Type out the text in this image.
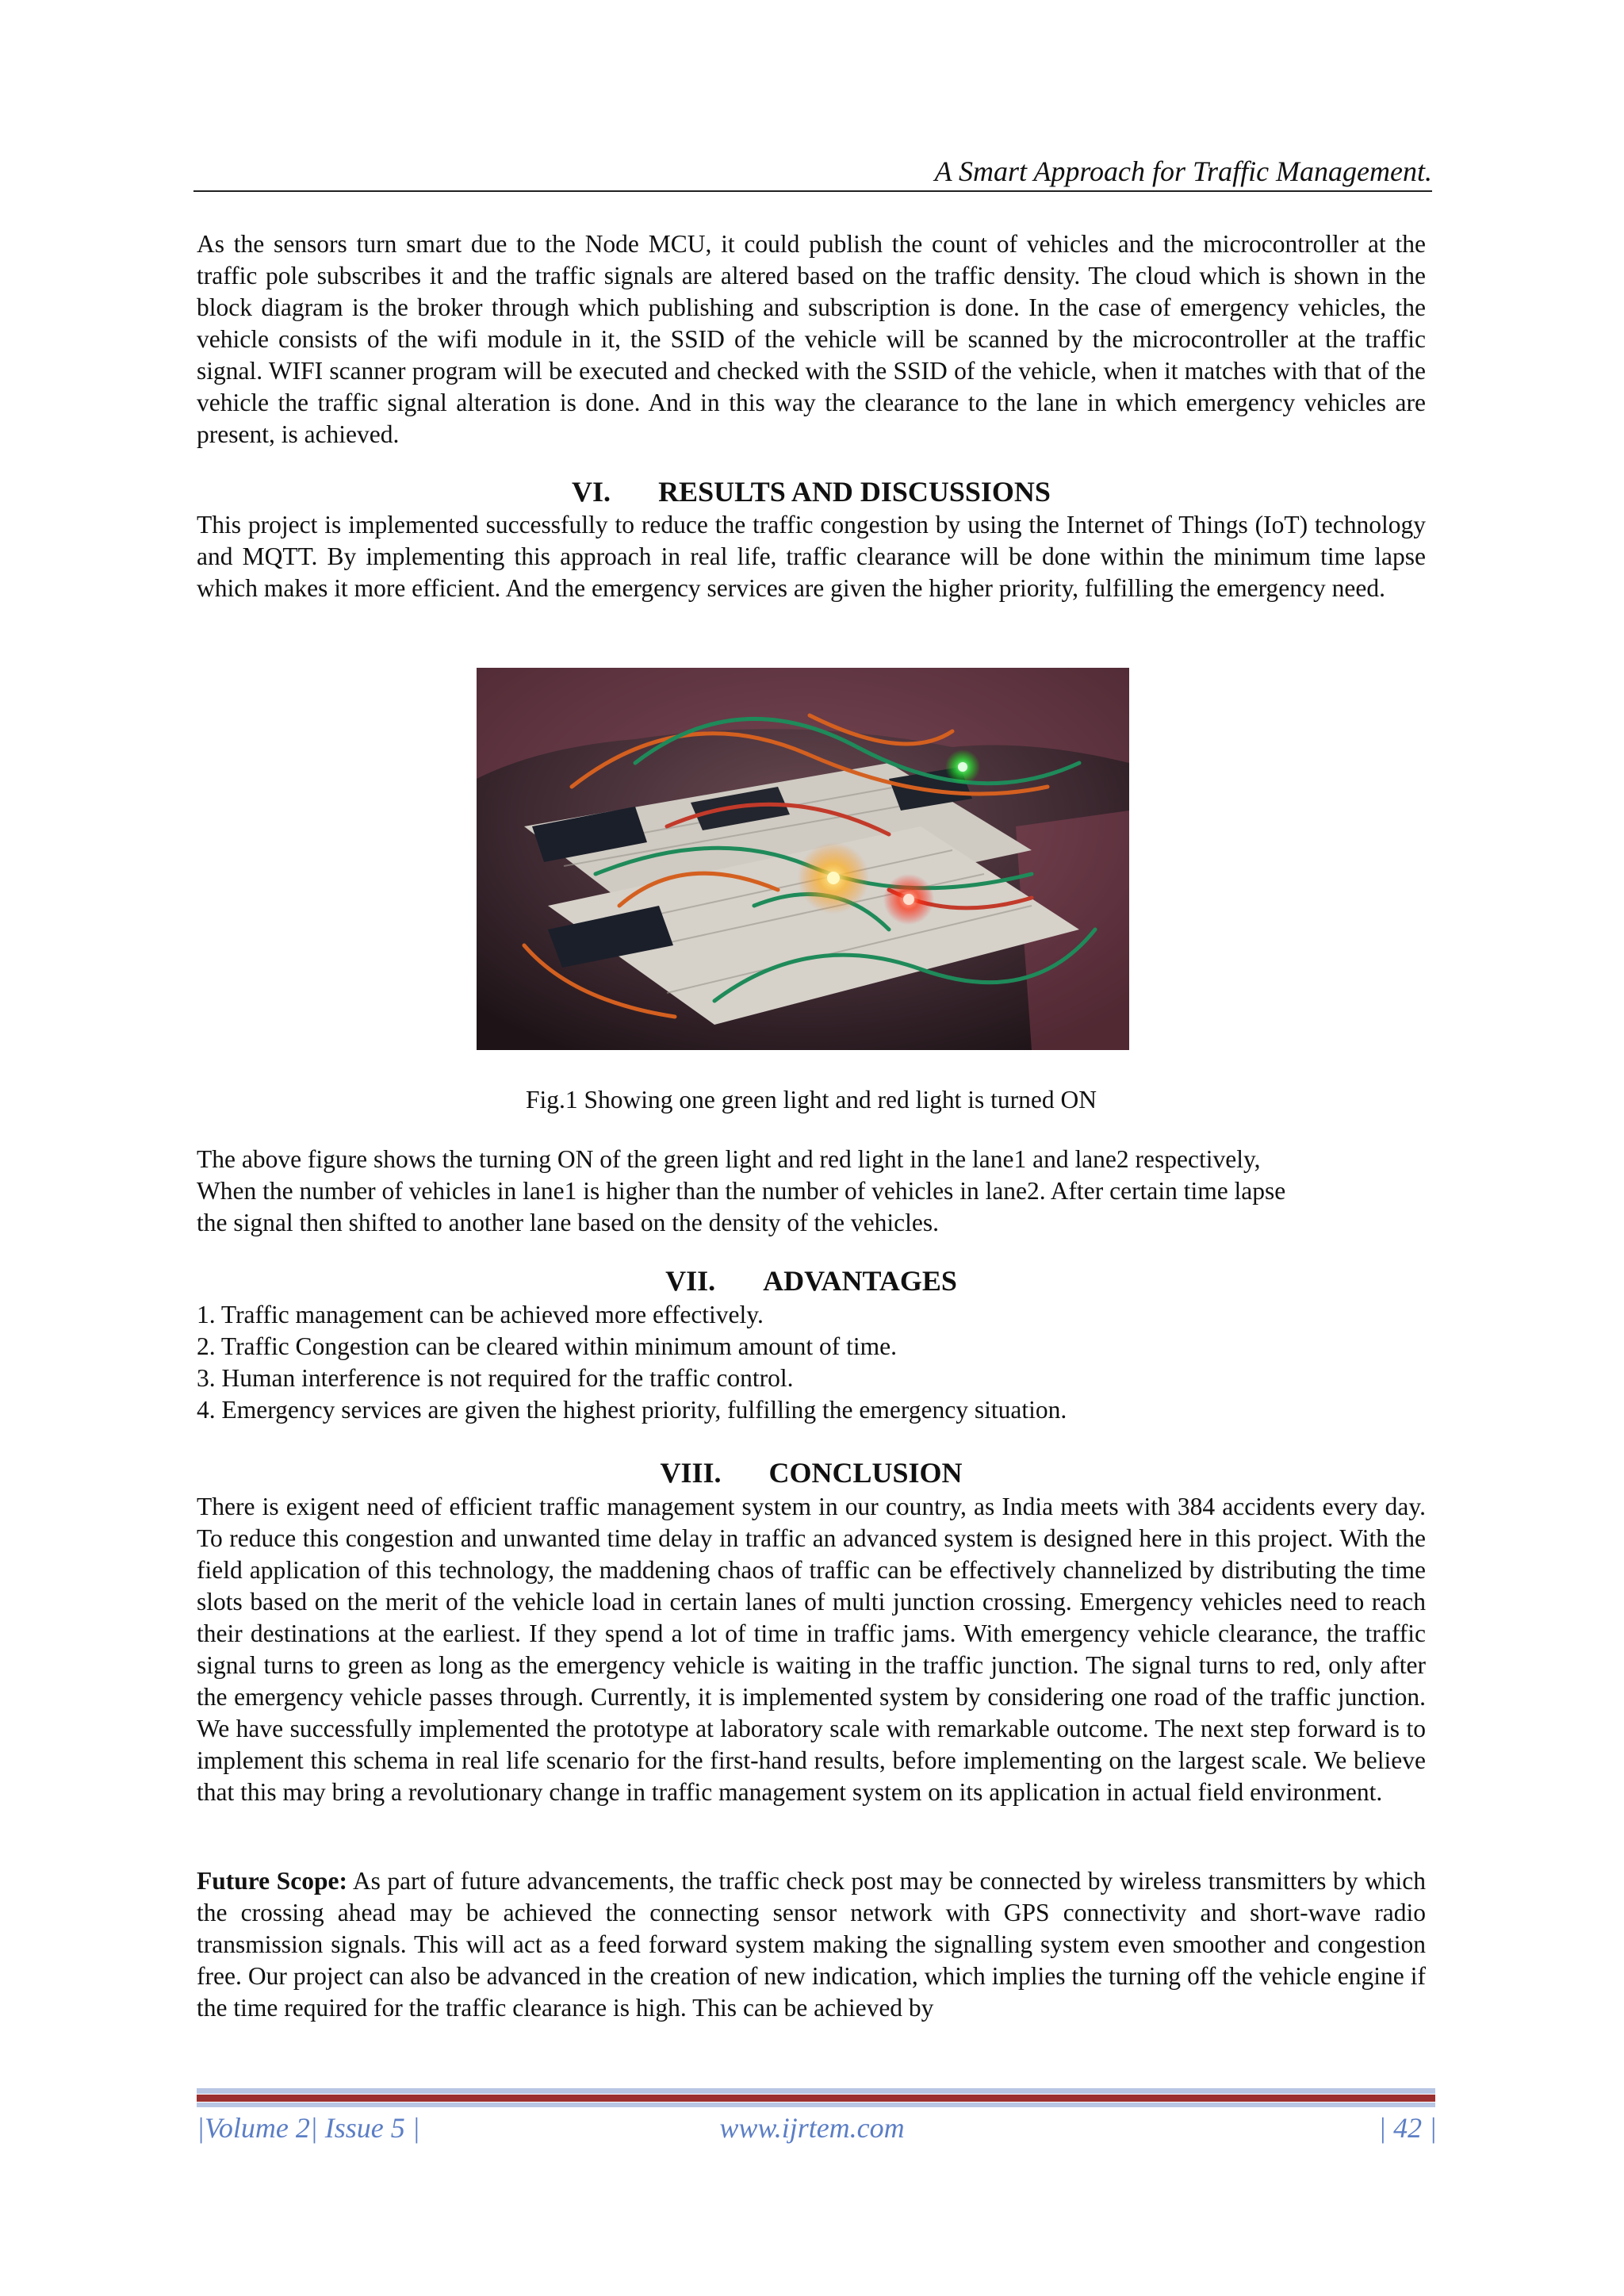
A Smart Approach for Traffic Management.

As the sensors turn smart due to the Node MCU, it could publish the count of vehicles and the microcontroller at the traffic pole subscribes it and the traffic signals are altered based on the traffic density. The cloud which is shown in the block diagram is the broker through which publishing and subscription is done. In the case of emergency vehicles, the vehicle consists of the wifi module in it, the SSID of the vehicle will be scanned by the microcontroller at the traffic signal. WIFI scanner program will be executed and checked with the SSID of the vehicle, when it matches with that of the vehicle the traffic signal alteration is done. And in this way the clearance to the lane in which emergency vehicles are present, is achieved.

VI. RESULTS AND DISCUSSIONS

This project is implemented successfully to reduce the traffic congestion by using the Internet of Things (IoT) technology and MQTT. By implementing this approach in real life, traffic clearance will be done within the minimum time lapse which makes it more efficient. And the emergency services are given the higher priority, fulfilling the emergency need.

Fig.1 Showing one green light and red light is turned ON
The above figure shows the turning ON of the green light and red light in the lane1 and lane2 respectively,
When the number of vehicles in lane1 is higher than the number of vehicles in lane2. After certain time lapse
the signal then shifted to another lane based on the density of the vehicles.
VII. ADVANTAGES
1. Traffic management can be achieved more effectively.
2. Traffic Congestion can be cleared within minimum amount of time.
3. Human interference is not required for the traffic control.
4. Emergency services are given the highest priority, fulfilling the emergency situation.
VIII. CONCLUSION

There is exigent need of efficient traffic management system in our country, as India meets with 384 accidents every day. To reduce this congestion and unwanted time delay in traffic an advanced system is designed here in this project. With the field application of this technology, the maddening chaos of traffic can be effectively channelized by distributing the time slots based on the merit of the vehicle load in certain lanes of multi junction crossing. Emergency vehicles need to reach their destinations at the earliest. If they spend a lot of time in traffic jams. With emergency vehicle clearance, the traffic signal turns to green as long as the emergency vehicle is waiting in the traffic junction. The signal turns to red, only after the emergency vehicle passes through. Currently, it is implemented system by considering one road of the traffic junction. We have successfully implemented the prototype at laboratory scale with remarkable outcome. The next step forward is to implement this schema in real life scenario for the first-hand results, before implementing on the largest scale. We believe that this may bring a revolutionary change in traffic management system on its application in actual field environment.

Future Scope: As part of future advancements, the traffic check post may be connected by wireless transmitters by which the crossing ahead may be achieved the connecting sensor network with GPS connectivity and short-wave radio transmission signals. This will act as a feed forward system making the signalling system even smoother and congestion free. Our project can also be advanced in the creation of new indication, which implies the turning off the vehicle engine if the time required for the traffic clearance is high. This can be achieved by

|Volume 2| Issue 5 |	www.ijrtem.com	| 42 |
